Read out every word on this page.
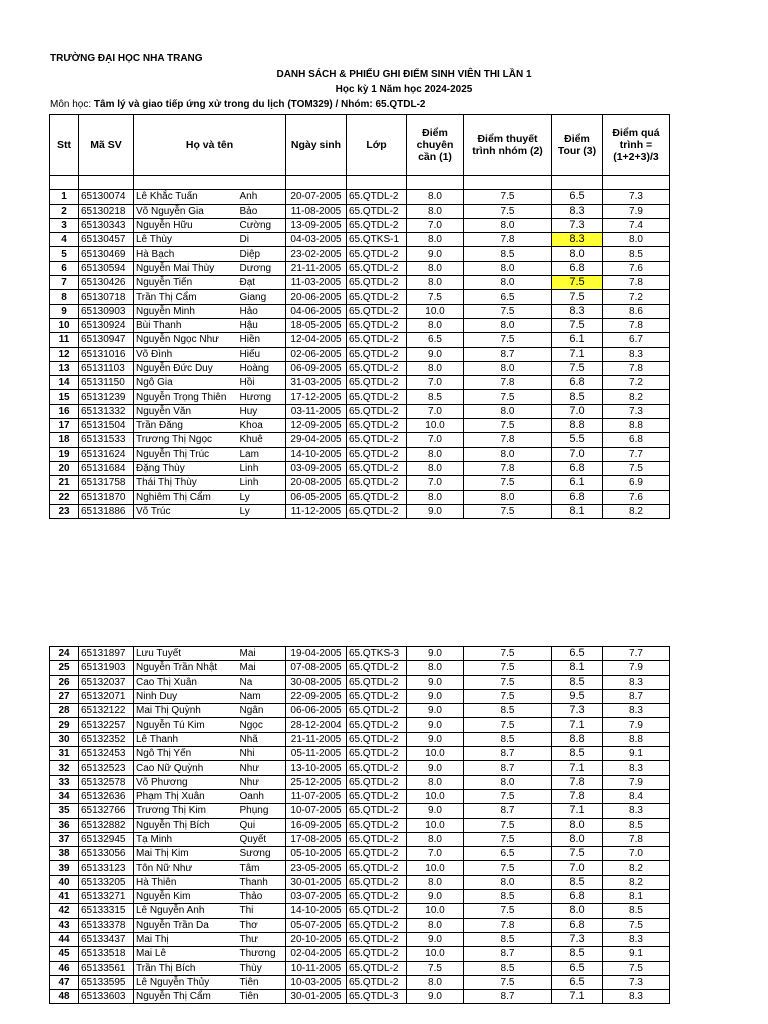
TRƯỜNG ĐẠI HỌC NHA TRANG
DANH SÁCH & PHIẾU GHI ĐIỂM SINH VIÊN THI LẦN 1
Học kỳ 1 Năm học 2024-2025
Môn học: Tâm lý và giao tiếp ứng xử trong du lịch (TOM329) / Nhóm: 65.QTDL-2
Stt	Mã SV	Họ và tên		Ngày sinh	Lớp	Điểm chuyên cần (1)	Điểm thuyết trình nhóm (2)	Điểm Tour (3)	Điểm quá trình = (1+2+3)/3

1	65130074	Lê Khắc Tuấn	Anh	20-07-2005	65.QTDL-2	8.0	7.5	6.5	7.3
2	65130218	Võ Nguyễn Gia	Bảo	11-08-2005	65.QTDL-2	8.0	7.5	8.3	7.9
3	65130343	Nguyễn Hữu	Cường	13-09-2005	65.QTDL-2	7.0	8.0	7.3	7.4
4	65130457	Lê Thùy	Di	04-03-2005	65.QTKS-1	8.0	7.8	8.3	8.0
5	65130469	Hà Bạch	Diệp	23-02-2005	65.QTDL-2	9.0	8.5	8.0	8.5
6	65130594	Nguyễn Mai Thùy	Dương	21-11-2005	65.QTDL-2	8.0	8.0	6.8	7.6
7	65130426	Nguyễn Tiến	Đạt	11-03-2005	65.QTDL-2	8.0	8.0	7.5	7.8
8	65130718	Trần Thị Cẩm	Giang	20-06-2005	65.QTDL-2	7.5	6.5	7.5	7.2
9	65130903	Nguyễn Minh	Hảo	04-06-2005	65.QTDL-2	10.0	7.5	8.3	8.6
10	65130924	Bùi Thanh	Hậu	18-05-2005	65.QTDL-2	8.0	8.0	7.5	7.8
11	65130947	Nguyễn Ngọc Như	Hiền	12-04-2005	65.QTDL-2	6.5	7.5	6.1	6.7
12	65131016	Võ Đình	Hiếu	02-06-2005	65.QTDL-2	9.0	8.7	7.1	8.3
13	65131103	Nguyễn Đức Duy	Hoàng	06-09-2005	65.QTDL-2	8.0	8.0	7.5	7.8
14	65131150	Ngô Gia	Hồi	31-03-2005	65.QTDL-2	7.0	7.8	6.8	7.2
15	65131239	Nguyễn Trọng Thiên	Hương	17-12-2005	65.QTDL-2	8.5	7.5	8.5	8.2
16	65131332	Nguyễn Văn	Huy	03-11-2005	65.QTDL-2	7.0	8.0	7.0	7.3
17	65131504	Trần Đăng	Khoa	12-09-2005	65.QTDL-2	10.0	7.5	8.8	8.8
18	65131533	Trương Thị Ngọc	Khuê	29-04-2005	65.QTDL-2	7.0	7.8	5.5	6.8
19	65131624	Nguyễn Thị Trúc	Lam	14-10-2005	65.QTDL-2	8.0	8.0	7.0	7.7
20	65131684	Đặng Thùy	Linh	03-09-2005	65.QTDL-2	8.0	7.8	6.8	7.5
21	65131758	Thái Thị Thùy	Linh	20-08-2005	65.QTDL-2	7.0	7.5	6.1	6.9
22	65131870	Nghiêm Thị Cẩm	Ly	06-05-2005	65.QTDL-2	8.0	8.0	6.8	7.6
23	65131886	Võ Trúc	Ly	11-12-2005	65.QTDL-2	9.0	7.5	8.1	8.2
24	65131897	Lưu Tuyết	Mai	19-04-2005	65.QTKS-3	9.0	7.5	6.5	7.7
25	65131903	Nguyễn Trần Nhật	Mai	07-08-2005	65.QTDL-2	8.0	7.5	8.1	7.9
26	65132037	Cao Thị Xuân	Na	30-08-2005	65.QTDL-2	9.0	7.5	8.5	8.3
27	65132071	Ninh Duy	Nam	22-09-2005	65.QTDL-2	9.0	7.5	9.5	8.7
28	65132122	Mai Thị Quỳnh	Ngân	06-06-2005	65.QTDL-2	9.0	8.5	7.3	8.3
29	65132257	Nguyễn Tú Kim	Ngọc	28-12-2004	65.QTDL-2	9.0	7.5	7.1	7.9
30	65132352	Lê Thanh	Nhã	21-11-2005	65.QTDL-2	9.0	8.5	8.8	8.8
31	65132453	Ngô Thị Yến	Nhi	05-11-2005	65.QTDL-2	10.0	8.7	8.5	9.1
32	65132523	Cao Nữ Quỳnh	Như	13-10-2005	65.QTDL-2	9.0	8.7	7.1	8.3
33	65132578	Võ Phương	Như	25-12-2005	65.QTDL-2	8.0	8.0	7.8	7.9
34	65132636	Phạm Thị Xuân	Oanh	11-07-2005	65.QTDL-2	10.0	7.5	7.8	8.4
35	65132766	Trương Thị Kim	Phụng	10-07-2005	65.QTDL-2	9.0	8.7	7.1	8.3
36	65132882	Nguyễn Thị Bích	Qui	16-09-2005	65.QTDL-2	10.0	7.5	8.0	8.5
37	65132945	Tạ Minh	Quyết	17-08-2005	65.QTDL-2	8.0	7.5	8.0	7.8
38	65133056	Mai Thị Kim	Sương	05-10-2005	65.QTDL-2	7.0	6.5	7.5	7.0
39	65133123	Tôn Nữ Như	Tâm	23-05-2005	65.QTDL-2	10.0	7.5	7.0	8.2
40	65133205	Hà Thiên	Thanh	30-01-2005	65.QTDL-2	8.0	8.0	8.5	8.2
41	65133271	Nguyễn Kim	Thảo	03-07-2005	65.QTDL-2	9.0	8.5	6.8	8.1
42	65133315	Lê Nguyễn Anh	Thi	14-10-2005	65.QTDL-2	10.0	7.5	8.0	8.5
43	65133378	Nguyễn Trần Da	Thơ	05-07-2005	65.QTDL-2	8.0	7.8	6.8	7.5
44	65133437	Mai Thị	Thư	20-10-2005	65.QTDL-2	9.0	8.5	7.3	8.3
45	65133518	Mai Lê	Thương	02-04-2005	65.QTDL-2	10.0	8.7	8.5	9.1
46	65133561	Trần Thị Bích	Thùy	10-11-2005	65.QTDL-2	7.5	8.5	6.5	7.5
47	65133595	Lê Nguyễn Thủy	Tiên	10-03-2005	65.QTDL-2	8.0	7.5	6.5	7.3
48	65133603	Nguyễn Thị Cẩm	Tiên	30-01-2005	65.QTDL-3	9.0	8.7	7.1	8.3
